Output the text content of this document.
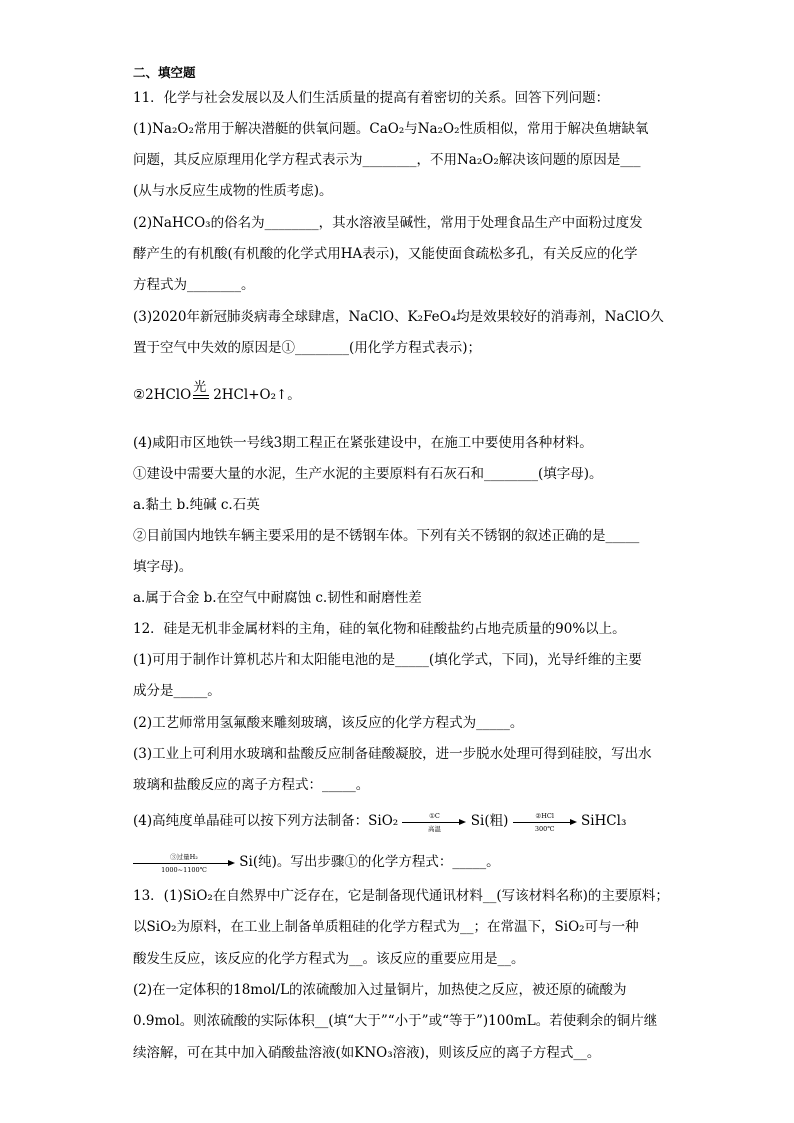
二、填空题
11．化学与社会发展以及人们生活质量的提高有着密切的关系。回答下列问题：
(1)Na₂O₂常用于解决潜艇的供氧问题。CaO₂与Na₂O₂性质相似，常用于解决鱼塘缺氧
问题，其反应原理用化学方程式表示为________，不用Na₂O₂解决该问题的原因是___
(从与水反应生成物的性质考虑)。
(2)NaHCO₃的俗名为________，其水溶液呈碱性，常用于处理食品生产中面粉过度发
酵产生的有机酸(有机酸的化学式用HA表示)，又能使面食疏松多孔，有关反应的化学
方程式为________。
(3)2020年新冠肺炎病毒全球肆虐，NaClO、K₂FeO₄均是效果较好的消毒剂，NaClO久
置于空气中失效的原因是①________(用化学方程式表示)；
②2HClO 光 2HCl+O₂↑。
(4)咸阳市区地铁一号线3期工程正在紧张建设中，在施工中要使用各种材料。
①建设中需要大量的水泥，生产水泥的主要原料有石灰石和________(填字母)。
a.黏土 b.纯碱 c.石英
②目前国内地铁车辆主要采用的是不锈钢车体。下列有关不锈钢的叙述正确的是_____
填字母)。
a.属于合金 b.在空气中耐腐蚀 c.韧性和耐磨性差
12．硅是无机非金属材料的主角，硅的氧化物和硅酸盐约占地壳质量的90%以上。
(1)可用于制作计算机芯片和太阳能电池的是_____(填化学式，下同)，光导纤维的主要
成分是_____。
(2)工艺师常用氢氟酸来雕刻玻璃，该反应的化学方程式为_____。
(3)工业上可利用水玻璃和盐酸反应制备硅酸凝胶，进一步脱水处理可得到硅胶，写出水
玻璃和盐酸反应的离子方程式：_____。
(4)高纯度单晶硅可以按下列方法制备：SiO₂	①C
高温	Si(粗)	②HCl
300℃	SiHCl₃
③过量H₂
1000~1100℃	Si(纯)。写出步骤①的化学方程式：_____。
13．(1)SiO₂在自然界中广泛存在，它是制备现代通讯材料__(写该材料名称)的主要原料；
以SiO₂为原料，在工业上制备单质粗硅的化学方程式为__；在常温下，SiO₂可与一种
酸发生反应，该反应的化学方程式为__。该反应的重要应用是__。
(2)在一定体积的18mol/L的浓硫酸加入过量铜片，加热使之反应，被还原的硫酸为
0.9mol。则浓硫酸的实际体积__(填“大于”“小于”或“等于”)100mL。若使剩余的铜片继
续溶解，可在其中加入硝酸盐溶液(如KNO₃溶液)，则该反应的离子方程式__。
